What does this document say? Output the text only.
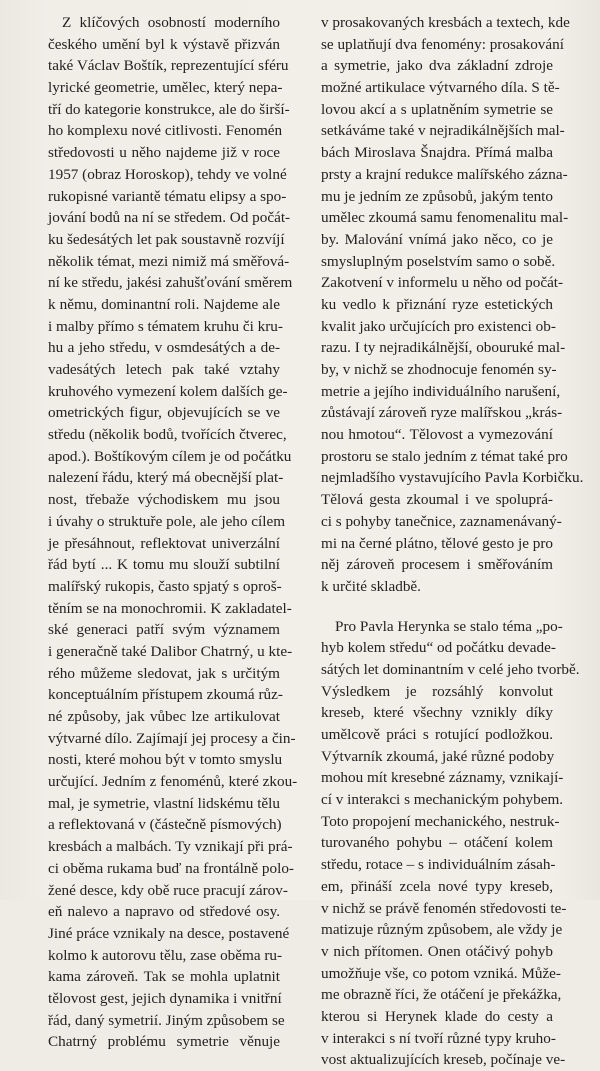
Z klíčových osobností moderního
českého umění byl k výstavě přizván
také Václav Boštík, reprezentující sféru
lyrické geometrie, umělec, který nepa-
tří do kategorie konstrukce, ale do širší-
ho komplexu nové citlivosti. Fenomén
středovosti u něho najdeme již v roce
1957 (obraz Horoskop), tehdy ve volné
rukopisné variantě tématu elipsy a spo-
jování bodů na ní se středem. Od počát-
ku šedesátých let pak soustavně rozvíjí
několik témat, mezi nimiž má směřová-
ní ke středu, jakési zahušťování směrem
k němu, dominantní roli. Najdeme ale
i malby přímo s tématem kruhu či kru-
hu a jeho středu, v osmdesátých a de-
vadesátých letech pak také vztahy
kruhového vymezení kolem dalších ge-
ometrických figur, objevujících se ve
středu (několik bodů, tvořících čtverec,
apod.). Boštíkovým cílem je od počátku
nalezení řádu, který má obecnější plat-
nost, třebaže východiskem mu jsou
i úvahy o struktuře pole, ale jeho cílem
je přesáhnout, reflektovat univerzální
řád bytí ... K tomu mu slouží subtilní
malířský rukopis, často spjatý s oproš-
těním se na monochromii. K zakladatel-
ské generaci patří svým významem
i generačně také Dalibor Chatrný, u kte-
rého můžeme sledovat, jak s určitým
konceptuálním přístupem zkoumá růz-
né způsoby, jak vůbec lze artikulovat
výtvarné dílo. Zajímají jej procesy a čin-
nosti, které mohou být v tomto smyslu
určující. Jedním z fenoménů, které zkou-
mal, je symetrie, vlastní lidskému tělu
a reflektovaná v (částečně písmových)
kresbách a malbách. Ty vznikají při prá-
ci oběma rukama buď na frontálně polo-
žené desce, kdy obě ruce pracují zárov-
eň nalevo a napravo od středové osy.
Jiné práce vznikaly na desce, postavené
kolmo k autorovu tělu, zase oběma ru-
kama zároveň. Tak se mohla uplatnit
tělovost gest, jejich dynamika i vnitřní
řád, daný symetrií. Jiným způsobem se
Chatrný problému symetrie věnuje
v prosakovaných kresbách a textech, kde
se uplatňují dva fenomény: prosakování
a symetrie, jako dva základní zdroje
možné artikulace výtvarného díla. S tě-
lovou akcí a s uplatněním symetrie se
setkáváme také v nejradikálnějších mal-
bách Miroslava Šnajdra. Přímá malba
prsty a krajní redukce malířského zázna-
mu je jedním ze způsobů, jakým tento
umělec zkoumá samu fenomenalitu mal-
by. Malování vnímá jako něco, co je
smysluplným poselstvím samo o sobě.
Zakotvení v informelu u něho od počát-
ku vedlo k přiznání ryze estetických
kvalit jako určujících pro existenci ob-
razu. I ty nejradikálnější, obouruké mal-
by, v nichž se zhodnocuje fenomén sy-
metrie a jejího individuálního narušení,
zůstávají zároveň ryze malířskou „krás-
nou hmotou“. Tělovost a vymezování
prostoru se stalo jedním z témat také pro
nejmladšího vystavujícího Pavla Korbičku.
Tělová gesta zkoumal i ve spoluprá-
ci s pohyby tanečnice, zaznamenávaný-
mi na černé plátno, tělové gesto je pro
něj zároveň procesem i směřováním
k určité skladbě.
Pro Pavla Herynka se stalo téma „po-
hyb kolem středu“ od počátku devade-
sátých let dominantním v celé jeho tvorbě.
Výsledkem je rozsáhlý konvolut
kreseb, které všechny vznikly díky
umělcově práci s rotující podložkou.
Výtvarník zkoumá, jaké různé podoby
mohou mít kresebné záznamy, vznikají-
cí v interakci s mechanickým pohybem.
Toto propojení mechanického, nestruk-
turovaného pohybu – otáčení kolem
středu, rotace – s individuálním zásah-
em, přináší zcela nové typy kreseb,
v nichž se právě fenomén středovosti te-
matizuje různým způsobem, ale vždy je
v nich přítomen. Onen otáčivý pohyb
umožňuje vše, co potom vzniká. Může-
me obrazně říci, že otáčení je překážka,
kterou si Herynek klade do cesty a
v interakci s ní tvoří různé typy kruho-
vost aktualizujících kreseb, počínaje ve-
